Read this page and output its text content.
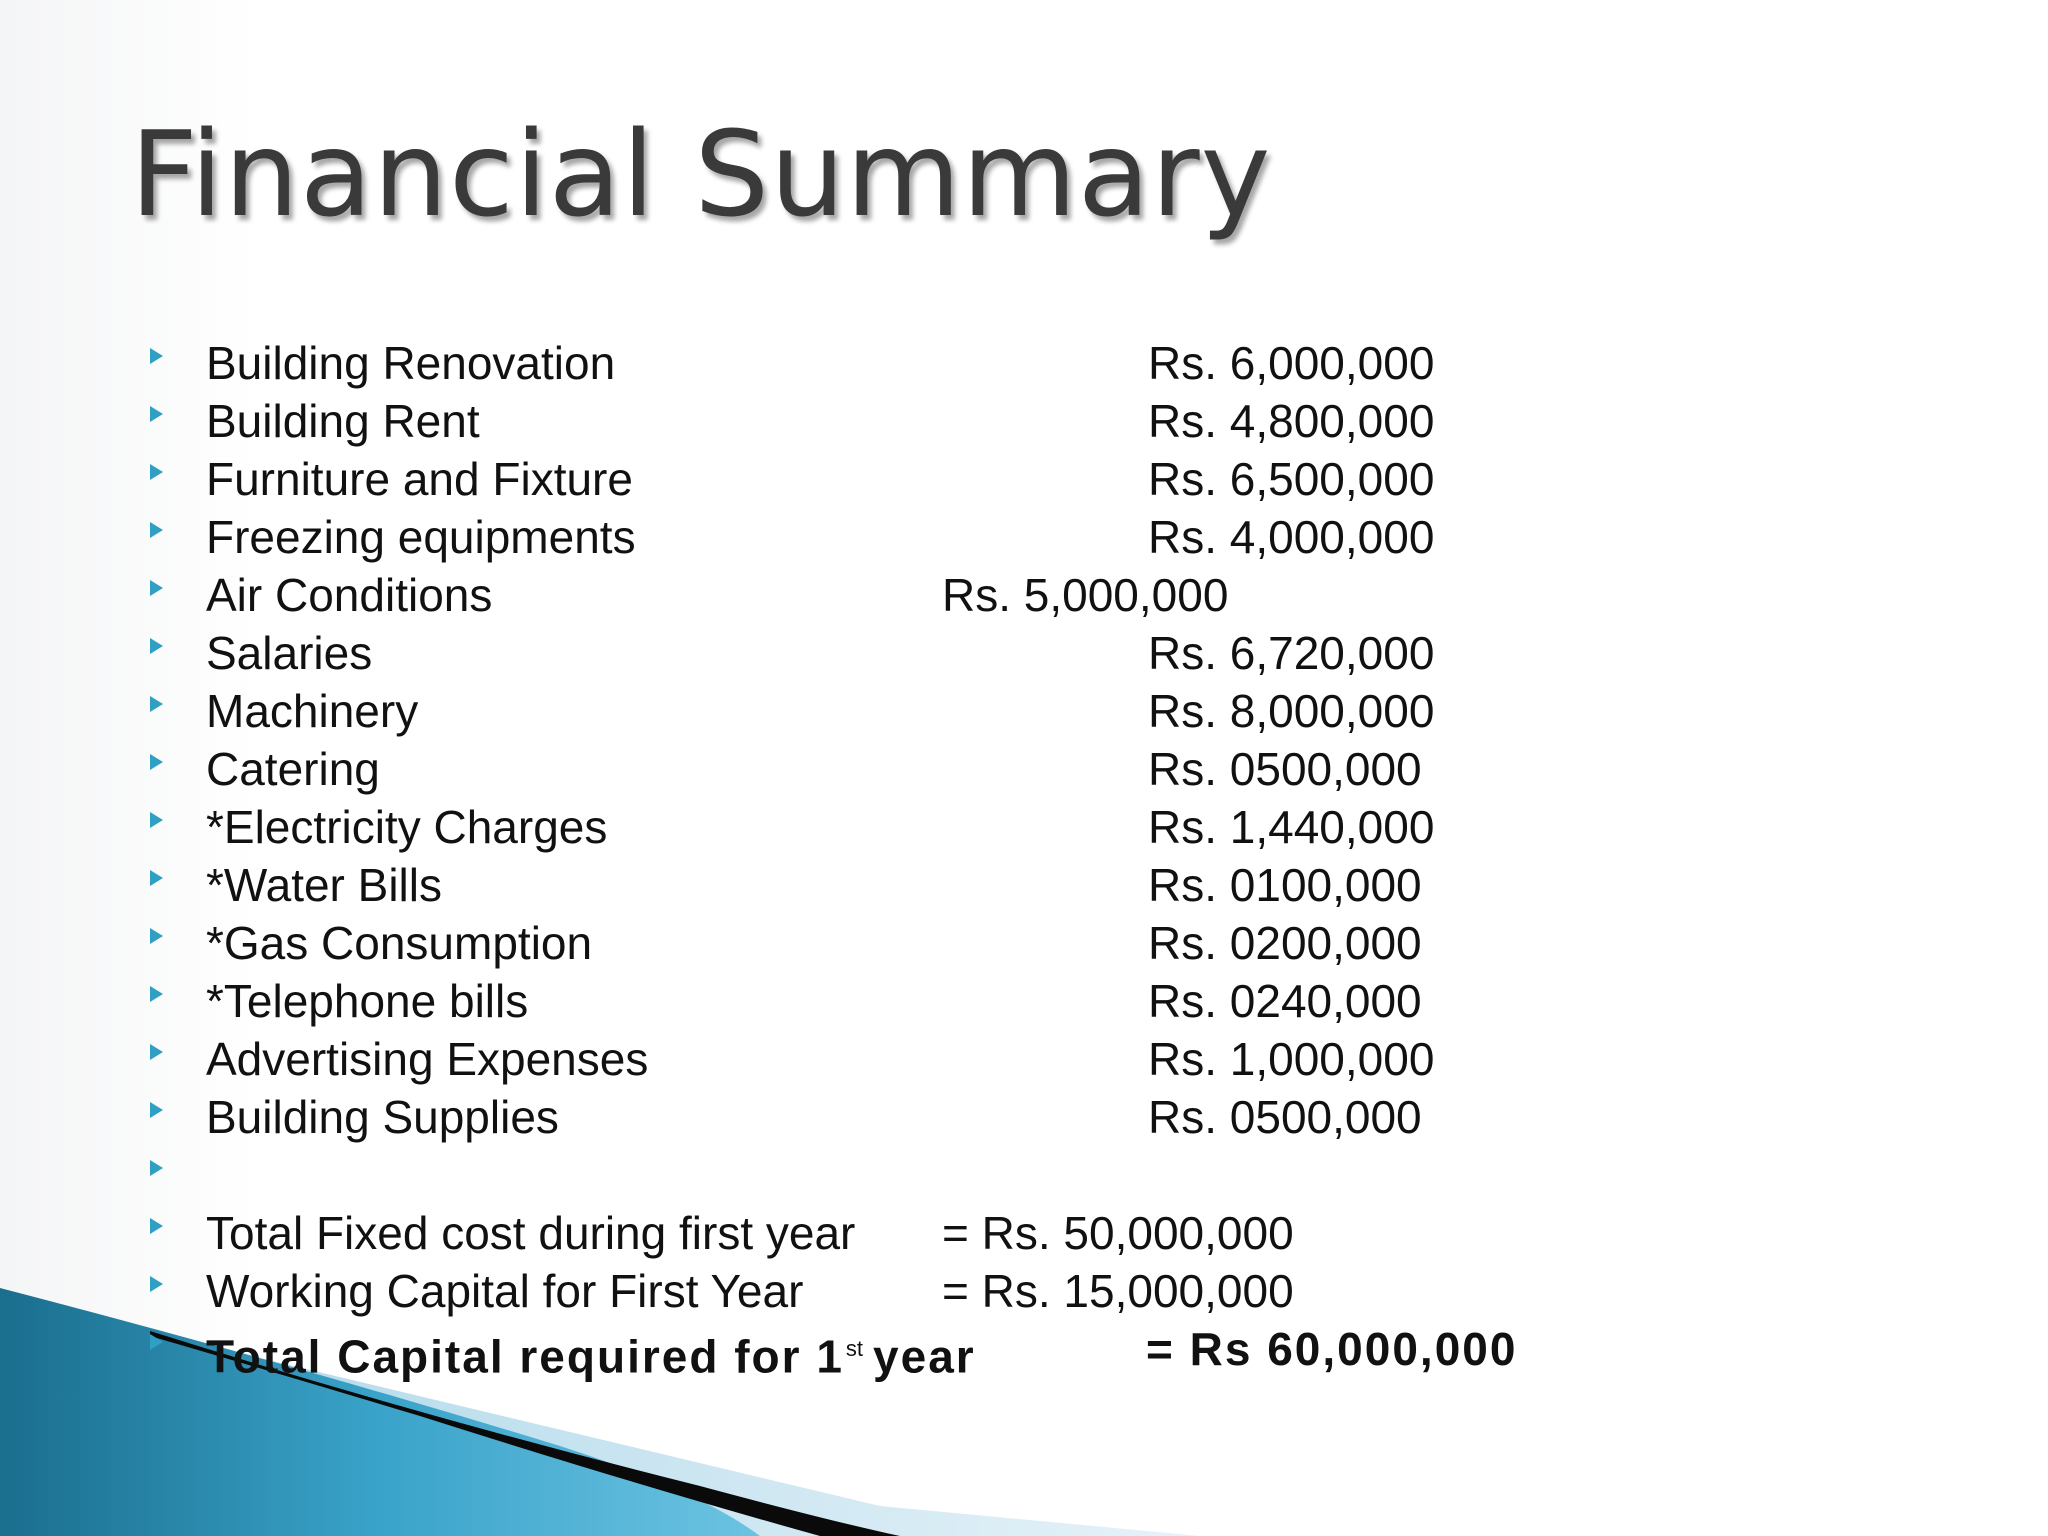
Financial Summary
Building Renovation	Rs. 6,000,000
Building Rent	Rs. 4,800,000
Furniture and Fixture	Rs. 6,500,000
Freezing equipments	Rs. 4,000,000
Air Conditions	Rs. 5,000,000
Salaries	Rs. 6,720,000
Machinery	Rs. 8,000,000
Catering	Rs. 0500,000
*Electricity Charges	Rs. 1,440,000
*Water Bills	Rs. 0100,000
*Gas Consumption	Rs. 0200,000
*Telephone bills	Rs. 0240,000
Advertising Expenses	Rs. 1,000,000
Building Supplies	Rs. 0500,000
Total Fixed cost during first year = Rs. 50,000,000
Working Capital for First Year	= Rs. 15,000,000
Total Capital required for 1st year	= Rs 60,000,000
